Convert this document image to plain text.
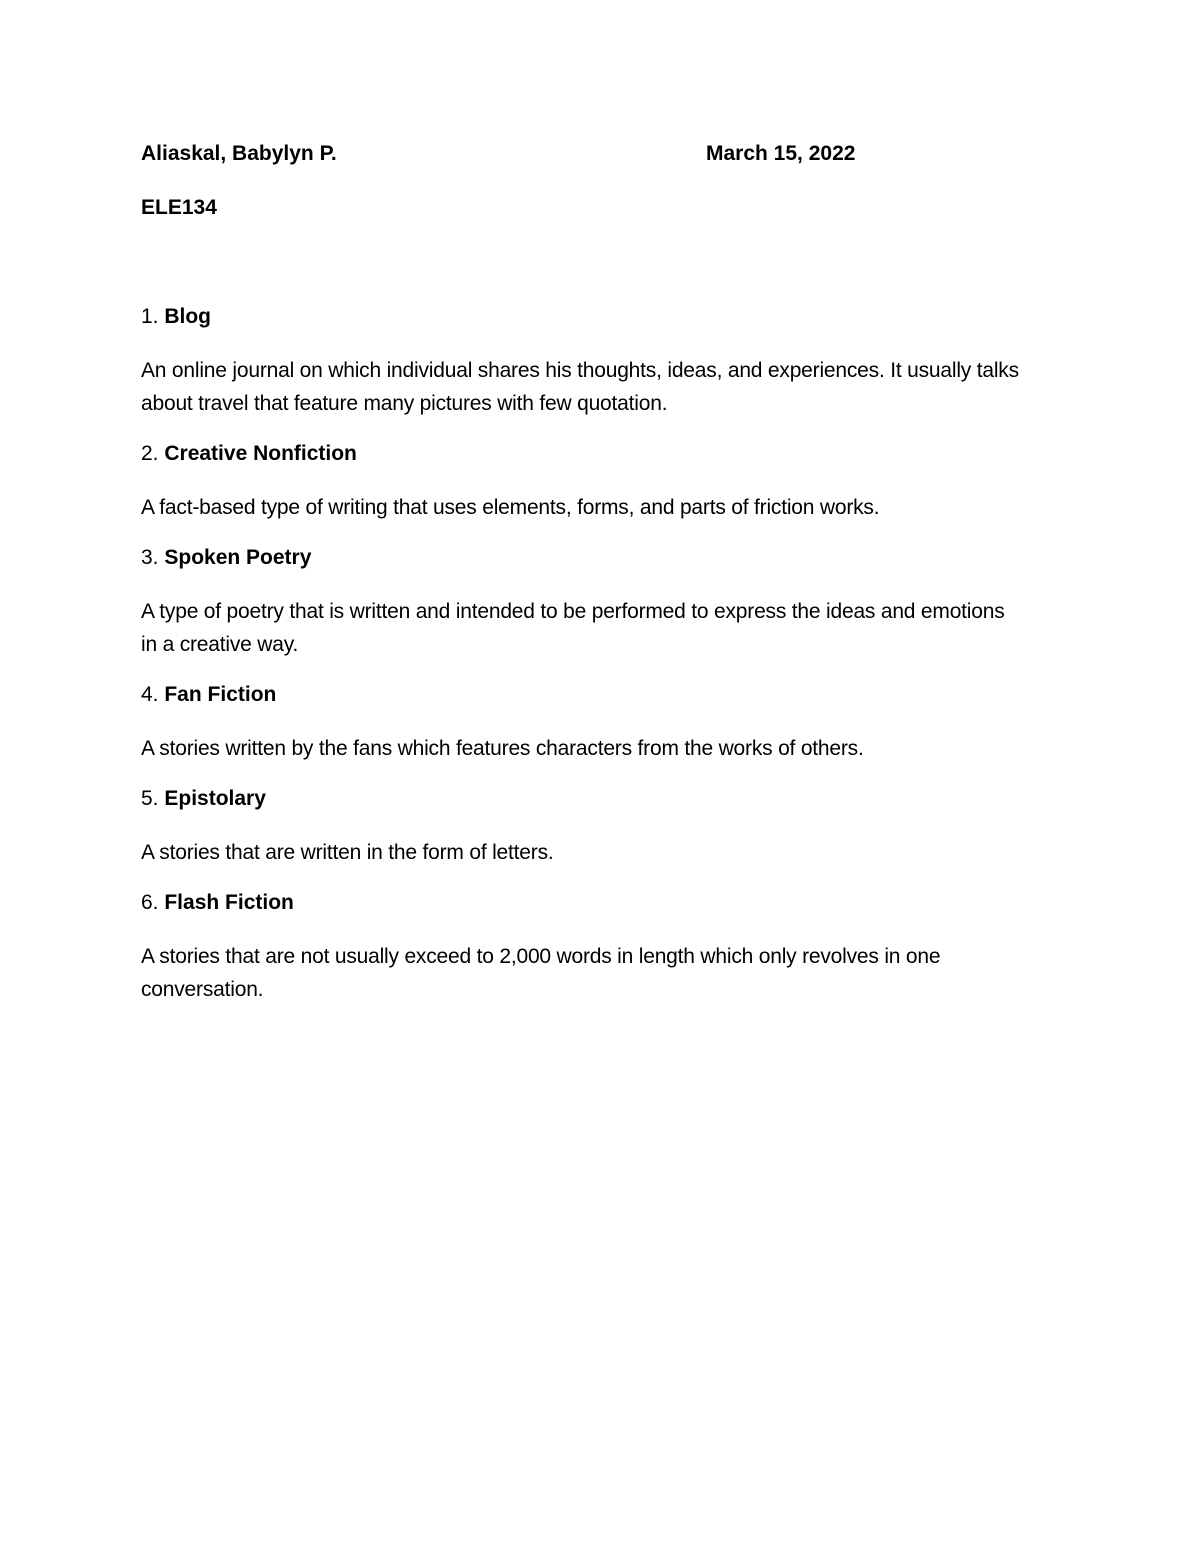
Aliaskal, Babylyn P.	March 15, 2022
ELE134
1. Blog

An online journal on which individual shares his thoughts, ideas, and experiences. It usually talks about travel that feature many pictures with few quotation.

2. Creative Nonfiction

A fact-based type of writing that uses elements, forms, and parts of friction works.

3. Spoken Poetry

A type of poetry that is written and intended to be performed to express the ideas and emotions in a creative way.

4. Fan Fiction

A stories written by the fans which features characters from the works of others.

5. Epistolary

A stories that are written in the form of letters.

6. Flash Fiction

A stories that are not usually exceed to 2,000 words in length which only revolves in one conversation.
